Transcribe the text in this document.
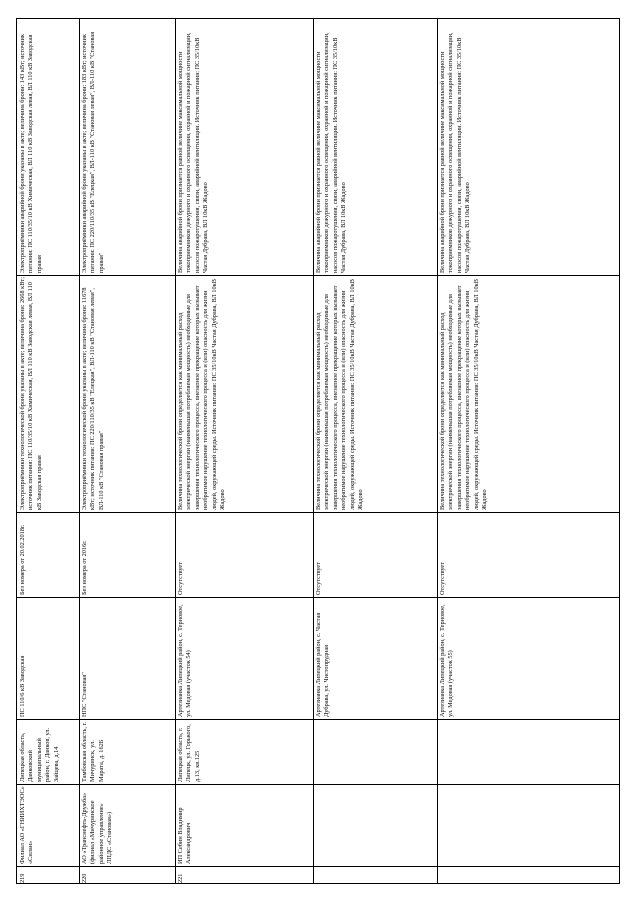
219
Филиал АО «ГНИИХТЭОС» «Силан»
Липецкая область, Данковский муниципальный район, г. Данков, ул. Зайцева, д.14
ПС 110/6 кВ Заводская
Без номера от 20.02.2018г.
Электроприёмники технологической брони указаны в акте; величина брони: 2668 кВт; источник питания: ПС 110/35/10 кВ Химическая, ВЛ 110 кВ Заводская левая, ВЛ 110 кВ Заводская правая
Электроприёмники аварийной брони указаны в акте; величина брони: 143 кВт; источник питания: ПС 110/35/10 кВ Химическая, ВЛ 110 кВ Заводская левая, ВЛ 110 кВ Заводская правая
220
АО «Транснефть-Дружба» (филиал «Мичуринское районное управление» ЛПДС «Становая»)
Тамбовская область, г. Мичуринск, ул. Марата, д. 162Б
НПС "Становая"
Без номера от 2016г.
Электроприёмники технологической брони указаны в акте; величина брони: 11678 кВт; источник питания: ПС 220/110/35 кВ "Елецкая", ВЛ-110 кВ "Становая левая", ВЛ-110 кВ "Становая правая"
Электроприёмники аварийной брони указаны в акте; величина брони: 183 кВт; источник питания: ПС 220/110/35 кВ "Елецкая", ВЛ-110 кВ "Становая левая", ВЛ-110 кВ "Становая правая"
221
ИП Себин Владимир Александрович
Липецкая область, г. Липецк, ул. Горького, д.13, кв.125
Артезианка Липецкий район, с. Терновое, ул. Медовая (участок 54)
Отсутствует
Величина технологической брони определяется как минимальный расход электрической энергии (наименьшая потребляемая мощность) необходимые для завершения технологического процесса, внезапное прекращение которых вызывает необратимое нарушение технологического процесса и (или) опасность для жизни людей, окружающей среды. Источник питания: ПС 35/10кВ Частая Дубрава, ВЛ 10кВ Жадово
Величина аварийной брони признается равной величине максимальной мощности токоприемников дежурного и охранного освещения, охранной и пожарной сигнализации, насосов пожаротушения, связи, аварийной вентиляции. Источник питания: ПС 35/10кВ Частая Дубрава, ВЛ 10кВ Жадово
Артезианка Липецкий район, с. Частая Дубрава, ул. Чистопрудная
Отсутствует
Величина технологической брони определяется как минимальный расход электрической энергии (наименьшая потребляемая мощность) необходимые для завершения технологического процесса, внезапное прекращение которых вызывает необратимое нарушение технологического процесса и (или) опасность для жизни людей, окружающей среды. Источник питания: ПС 35/10кВ Частая Дубрава, ВЛ 10кВ Жадово
Величина аварийной брони признается равной величине максимальной мощности токоприемников дежурного и охранного освещения, охранной и пожарной сигнализации, насосов пожаротушения, связи, аварийной вентиляции. Источник питания: ПС 35/10кВ Частая Дубрава, ВЛ 10кВ Жадово
Артезианка Липецкий район, с. Терновое, ул. Медовая (участок 55)
Отсутствует
Величина технологической брони определяется как минимальный расход электрической энергии (наименьшая потребляемая мощность) необходимые для завершения технологического процесса, внезапное прекращение которых вызывает необратимое нарушение технологического процесса и (или) опасность для жизни людей, окружающей среды. Источник питания: ПС 35/10кВ Частая Дубрава, ВЛ 10кВ Жадово
Величина аварийной брони признается равной величине максимальной мощности токоприемников дежурного и охранного освещения, охранной и пожарной сигнализации, насосов пожаротушения, связи, аварийной вентиляции. Источник питания: ПС 35/10кВ Частая Дубрава, ВЛ 10кВ Жадово
